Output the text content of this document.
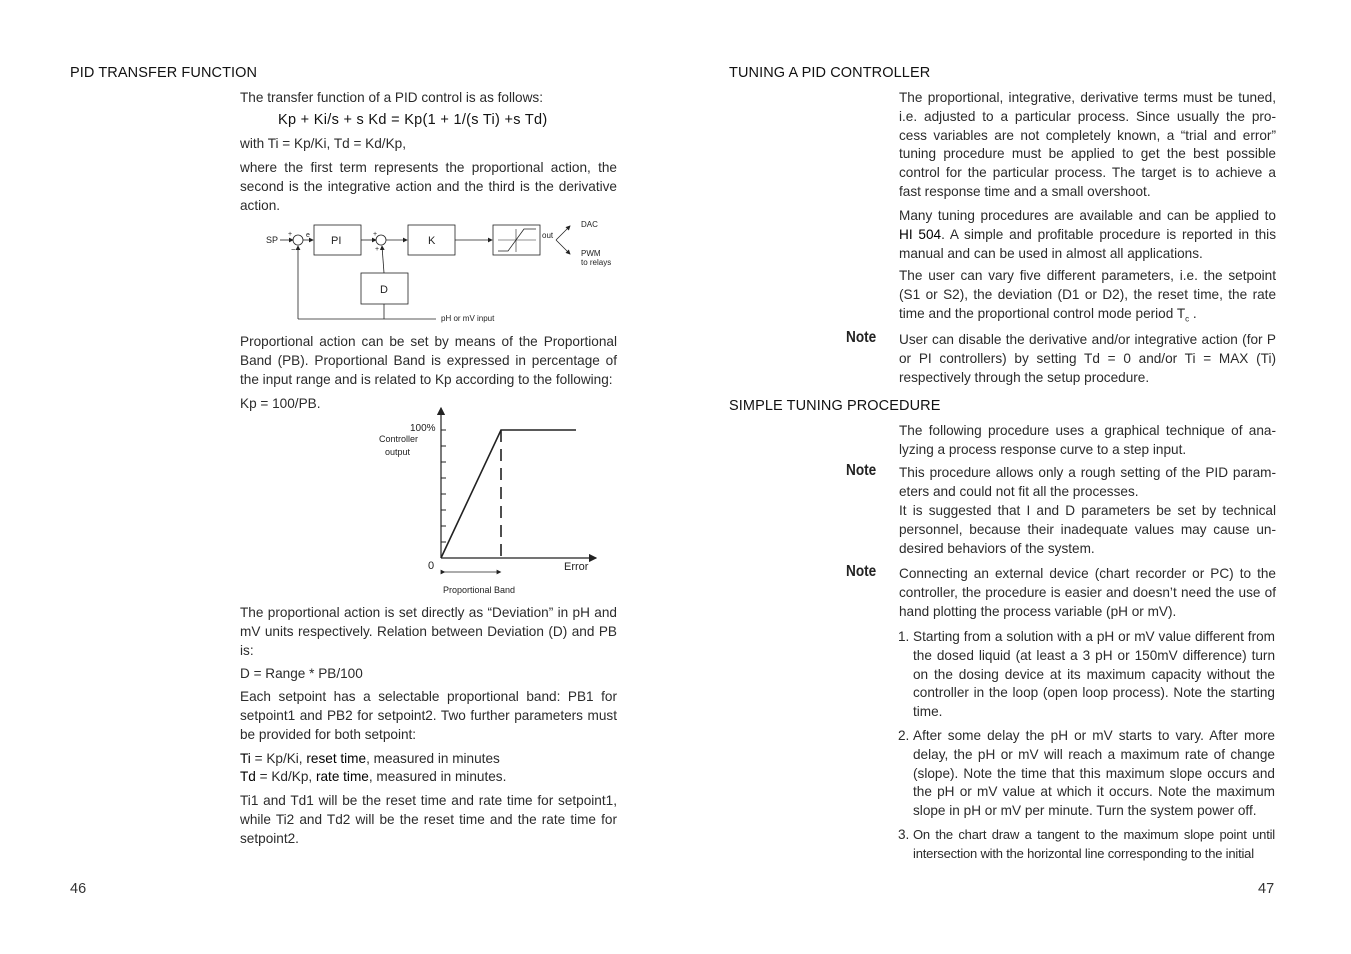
PID TRANSFER FUNCTION
The transfer function of a PID control is as follows:
Kp + Ki/s + s Kd = Kp(1 + 1/(s Ti) +s Td)
with Ti = Kp/Ki, Td = Kd/Kp,
where the first term represents the proportional action, the second is the integrative action and the third is the derivative action.
SP
+
−
e PI
+
+
K	out
DAC
PWM
to relays
D
pH or mV input
Proportional action can be set by means of the Proportional Band (PB). Proportional Band is expressed in percentage of the input range and is related to Kp according to the following:
Kp = 100/PB.
100%
0	Error
Controller
output
Proportional Band
The proportional action is set directly as “Deviation” in pH and mV units respectively. Relation between Deviation (D) and PB is:
D = Range * PB/100
Each setpoint has a selectable proportional band: PB1 for setpoint1 and PB2 for setpoint2. Two further parameters must be provided for both setpoint:
Ti = Kp/Ki, reset time, measured in minutes
Td = Kd/Kp, rate time, measured in minutes.
Ti1 and Td1 will be the reset time and rate time for setpoint1, while Ti2 and Td2 will be the reset time and the rate time for setpoint2.
46
TUNING A PID CONTROLLER
The proportional, integrative, derivative terms must be tuned, i.e. adjusted to a particular process. Since usually the pro-cess variables are not completely known, a “trial and error” tuning procedure must be applied to get the best possible control for the particular process. The target is to achieve a fast response time and a small overshoot.
Many tuning procedures are available and can be applied to HI 504. A simple and profitable procedure is reported in this manual and can be used in almost all applications.
The user can vary five different parameters, i.e. the setpoint (S1 or S2), the deviation (D1 or D2), the reset time, the rate time and the proportional control mode period $T_c$ .
Note User can disable the derivative and/or integrative action (for P or PI controllers) by setting Td = 0 and/or Ti = MAX (Ti) respectively through the setup procedure.
SIMPLE TUNING PROCEDURE
The following procedure uses a graphical technique of ana-lyzing a process response curve to a step input.
Note This procedure allows only a rough setting of the PID param-eters and could not fit all the processes.
It is suggested that I and D parameters be set by technical personnel, because their inadequate values may cause un-desired behaviors of the system.
Note Connecting an external device (chart recorder or PC) to the controller, the procedure is easier and doesn’t need the use of hand plotting the process variable (pH or mV).
1. Starting from a solution with a pH or mV value different from the dosed liquid (at least a 3 pH or 150mV difference) turn on the dosing device at its maximum capacity without the controller in the loop (open loop process). Note the starting time.
2. After some delay the pH or mV starts to vary. After more delay, the pH or mV will reach a maximum rate of change (slope). Note the time that this maximum slope occurs and the pH or mV value at which it occurs. Note the maximum slope in pH or mV per minute. Turn the system power off.
3. On the chart draw a tangent to the maximum slope point until intersection with the horizontal line corresponding to the initial
47
